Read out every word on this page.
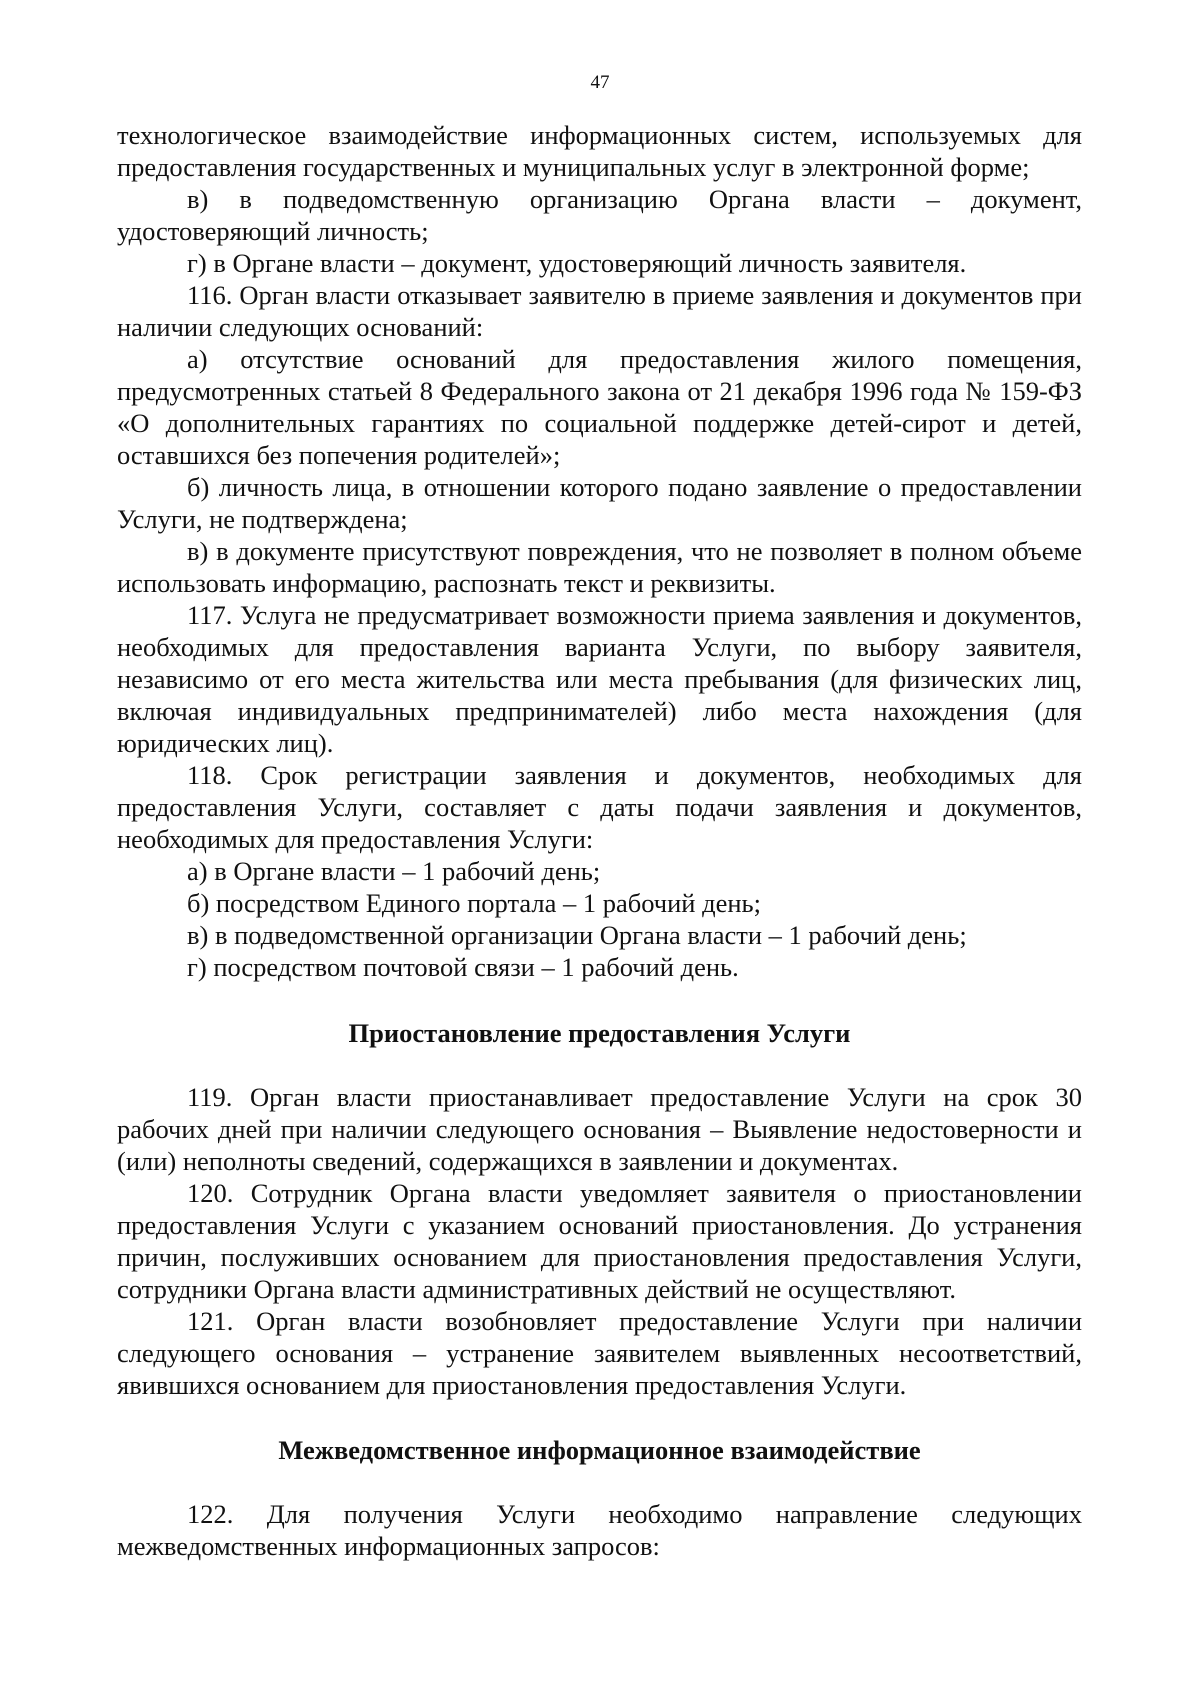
47

технологическое взаимодействие информационных систем, используемых для предоставления государственных и муниципальных услуг в электронной форме;

в) в подведомственную организацию Органа власти – документ, удостоверяющий личность;

г) в Органе власти – документ, удостоверяющий личность заявителя.

116. Орган власти отказывает заявителю в приеме заявления и документов при наличии следующих оснований:

а) отсутствие оснований для предоставления жилого помещения, предусмотренных статьей 8 Федерального закона от 21 декабря 1996 года № 159-ФЗ «О дополнительных гарантиях по социальной поддержке детей-сирот и детей, оставшихся без попечения родителей»;

б) личность лица, в отношении которого подано заявление о предоставлении Услуги, не подтверждена;

в) в документе присутствуют повреждения, что не позволяет в полном объеме использовать информацию, распознать текст и реквизиты.

117. Услуга не предусматривает возможности приема заявления и документов, необходимых для предоставления варианта Услуги, по выбору заявителя, независимо от его места жительства или места пребывания (для физических лиц, включая индивидуальных предпринимателей) либо места нахождения (для юридических лиц).

118. Срок регистрации заявления и документов, необходимых для предоставления Услуги, составляет с даты подачи заявления и документов, необходимых для предоставления Услуги:

а) в Органе власти – 1 рабочий день;

б) посредством Единого портала – 1 рабочий день;

в) в подведомственной организации Органа власти – 1 рабочий день;

г) посредством почтовой связи – 1 рабочий день.

Приостановление предоставления Услуги

119. Орган власти приостанавливает предоставление Услуги на срок 30 рабочих дней при наличии следующего основания – Выявление недостоверности и (или) неполноты сведений, содержащихся в заявлении и документах.

120. Сотрудник Органа власти уведомляет заявителя о приостановлении предоставления Услуги с указанием оснований приостановления. До устранения причин, послуживших основанием для приостановления предоставления Услуги, сотрудники Органа власти административных действий не осуществляют.

121. Орган власти возобновляет предоставление Услуги при наличии следующего основания – устранение заявителем выявленных несоответствий, явившихся основанием для приостановления предоставления Услуги.

Межведомственное информационное взаимодействие

122. Для получения Услуги необходимо направление следующих межведомственных информационных запросов:
